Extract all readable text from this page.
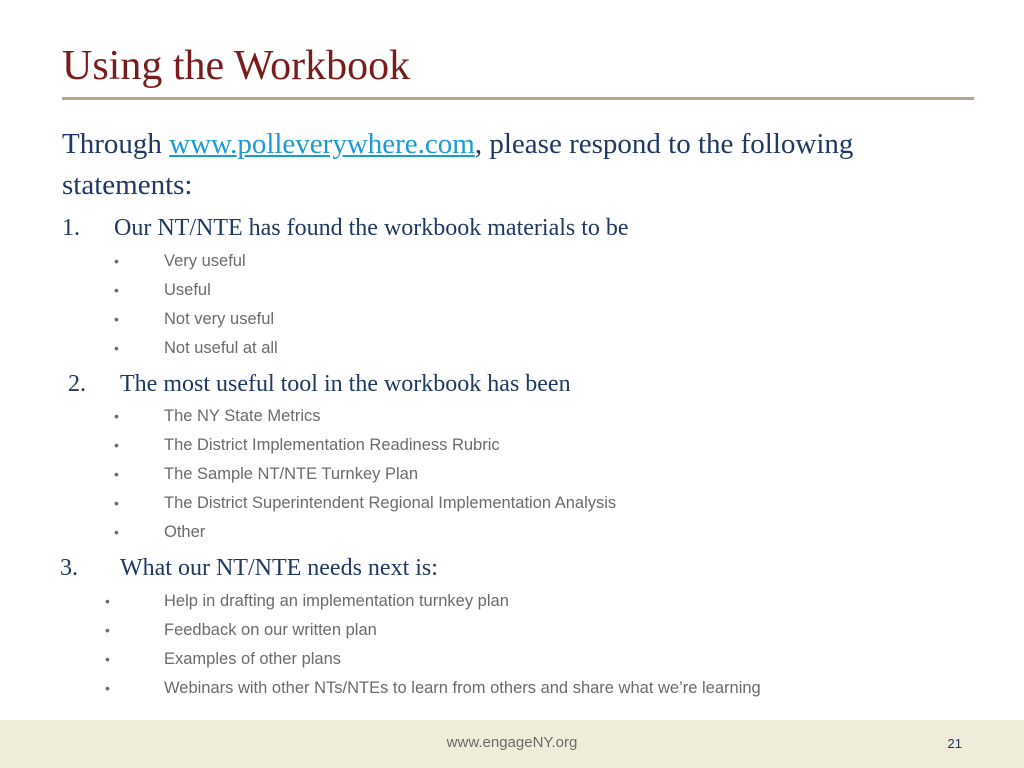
Using the Workbook
Through www.polleverywhere.com, please respond to the following statements:
1. Our NT/NTE has found the workbook materials to be
•	Very useful
•	Useful
•	Not very useful
•	Not useful at all
2. The most useful tool in the workbook has been
•	The NY State Metrics
•	The District Implementation Readiness Rubric
•	The Sample NT/NTE Turnkey Plan
•	The District Superintendent Regional Implementation Analysis
•	Other
3. What our NT/NTE needs next is:
•	Help in drafting an implementation turnkey plan
•	Feedback on our written plan
•	Examples of other plans
•	Webinars with other NTs/NTEs to learn from others and share what we’re learning
www.engageNY.org	21
